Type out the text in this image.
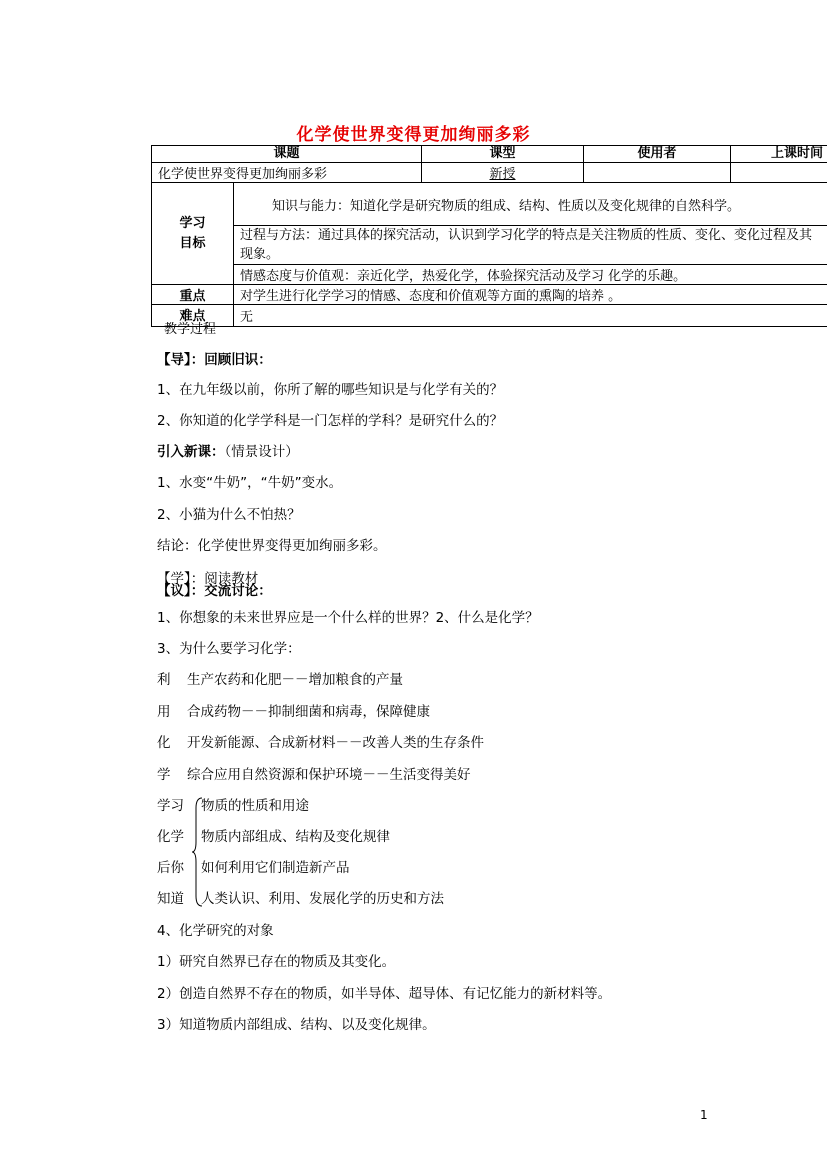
化学使世界变得更加绚丽多彩
课题		课型	使用者	上课时间
化学使世界变得更加绚丽多彩		新授		

学习
目标	知识与能力：知道化学是研究物质的组成、结构、性质以及变化规律的自然科学。			

	过程与方法：通过具体的探究活动，认识到学习化学的特点是关注物质的性质、变化、变化过程及其
现象。			

	情感态度与价值观：亲近化学，热爱化学，体验探究活动及学习 化学的乐趣。			
重点	对学生进行化学学习的情感、态度和价值观等方面的熏陶的培养 。			
难点	无			
教学过程
【导】：回顾旧识：
1、在九年级以前，你所了解的哪些知识是与化学有关的？
2、你知道的化学学科是一门怎样的学科？是研究什么的？
引入新课：（情景设计）
1、水变“牛奶”，“牛奶”变水。
2、小猫为什么不怕热？
结论：化学使世界变得更加绚丽多彩。
【学】：阅读教材
【议】：交流讨论：
1、你想象的未来世界应是一个什么样的世界？2、什么是化学？
3、为什么要学习化学：
利 生产农药和化肥－－增加粮食的产量
用 合成药物－－抑制细菌和病毒，保障健康
化 开发新能源、合成新材料－－改善人类的生存条件
学 综合应用自然资源和保护环境－－生活变得美好
学习 物质的性质和用途
化学 物质内部组成、结构及变化规律
后你 如何利用它们制造新产品
知道 人类认识、利用、发展化学的历史和方法
4、化学研究的对象
1）研究自然界已存在的物质及其变化。
2）创造自然界不存在的物质，如半导体、超导体、有记忆能力的新材料等。
3）知道物质内部组成、结构、以及变化规律。
1
